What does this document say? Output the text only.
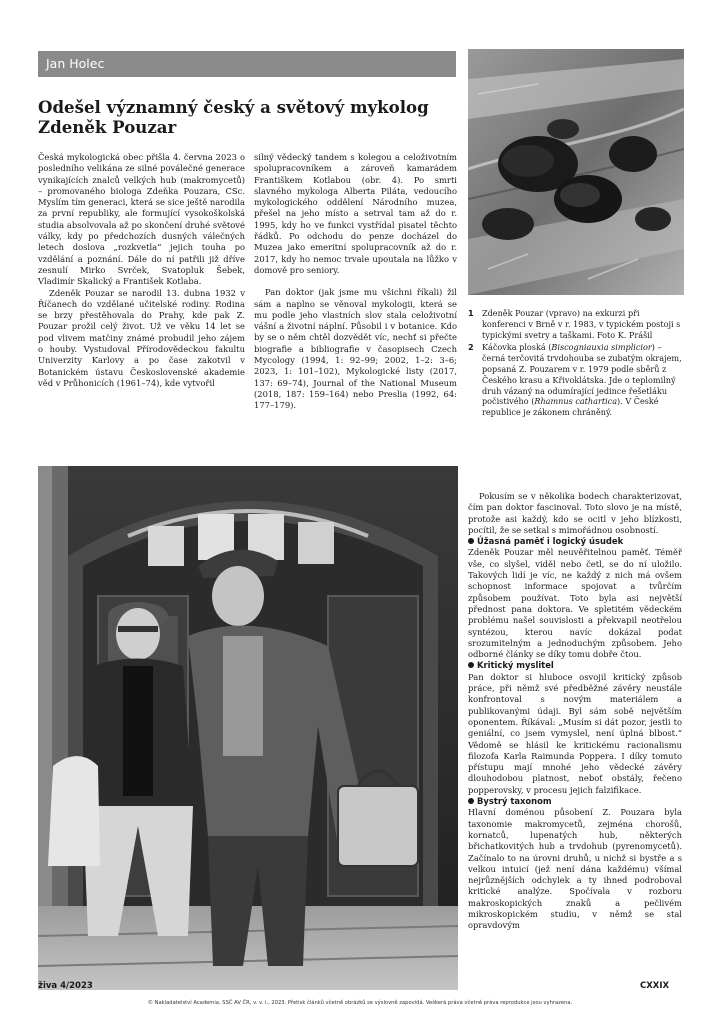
Jan Holec
Odešel významný český a světový mykolog
Zdeněk Pouzar

Česká mykologická obec přišla 4. června 2023 o posledního velikána ze silné poválečné generace vynikajících znalců velkých hub (makromycetů) – promovaného biologa Zdeňka Pouzara, CSc. Myslím tím generaci, která se sice ještě narodila za první republiky, ale formující vysokoškolská studia absolvovala až po skončení druhé světové války, kdy po předchozích dusných válečných letech doslova „rozkvetla“ jejich touha po vzdělání a poznání. Dále do ní patřili již dříve zesnulí Mirko Svrček, Svatopluk Šebek, Vladimír Skalický a František Kotlaba.

Zdeněk Pouzar se narodil 13. dubna 1932 v Říčanech do vzdělané učitelské rodiny. Rodina se brzy přestěhovala do Prahy, kde pak Z. Pouzar prožil celý život. Už ve věku 14 let se pod vlivem matčiny známé probudil jeho zájem o houby. Vystudoval Přírodovědeckou fakultu Univerzity Karlovy a po čase zakotvil v Botanickém ústavu Československé akademie věd v Průhonicích (1961–74), kde vytvořil

silný vědecký tandem s kolegou a celoživotním spolupracovníkem a zároveň kamarádem Františkem Kotlabou (obr. 4). Po smrti slavného mykologa Alberta Piláta, vedoucího mykologického oddělení Národního muzea, přešel na jeho místo a setrval tam až do r. 1995, kdy ho ve funkci vystřídal pisatel těchto řádků. Po odchodu do penze docházel do Muzea jako emeritní spolupracovník až do r. 2017, kdy ho nemoc trvale upoutala na lůžko v domově pro seniory.

Pan doktor (jak jsme mu všichni říkali) žil sám a naplno se věnoval mykologii, která se mu podle jeho vlastních slov stala celoživotní vášní a životní náplní. Působil i v botanice. Kdo by se o něm chtěl dozvědět víc, nechť si přečte biografie a bibliografie v časopisech Czech Mycology (1994, 1: 92–99; 2002, 1–2: 3–6; 2023, 1: 101–102), Mykologické listy (2017, 137: 69–74), Journal of the National Museum (2018, 187: 159–164) nebo Preslia (1992, 64: 177–179).

1	Zdeněk Pouzar (vpravo) na exkurzi při konferenci v Brně v r. 1983, v typickém postoji s typickými svetry a taškami. Foto K. Prášil
2	Káčovka ploská (Biscogniauxia simplicior) – černá terčovitá trvdohouba se zubatým okrajem, popsaná Z. Pouzarem v r. 1979 podle sběrů z Českého krasu a Křivoklátska. Jde o teplomilný druh vázaný na odumírající jedince řešetláku počistivého (Rhamnus cathartica). V České republice je zákonem chráněný.

Pokusím se v několika bodech charakterizovat, čím pan doktor fascinoval. Toto slovo je na místě, protože asi každý, kdo se ocitl v jeho blízkosti, pocítil, že se setkal s mimořádnou osobností.

Úžasná paměť i logický úsudek

Zdeněk Pouzar měl neuvěřitelnou paměť. Téměř vše, co slyšel, viděl nebo četl, se do ní uložilo. Takových lidí je víc, ne každý z nich má ovšem schopnost informace spojovat a tvůrčím způsobem používat. Toto byla asi největší přednost pana doktora. Ve spletitém vědeckém problému našel souvislosti a překvapil neotřelou syntézou, kterou navíc dokázal podat srozumitelným a jednoduchým způsobem. Jeho odborné články se díky tomu dobře čtou.

Kritický myslitel

Pan doktor si hluboce osvojil kritický způsob práce, při němž své předběžné závěry neustále konfrontoval s novým materiálem a publikovanými údaji. Byl sám sobě největším oponentem. Říkával: „Musím si dát pozor, jestli to geniální, co jsem vymyslel, není úplná blbost.“ Vědomě se hlásil ke kritickému racionalismu filozofa Karla Raimunda Poppera. I díky tomuto přístupu mají mnohé jeho vědecké závěry dlouhodobou platnost, neboť obstály, řečeno popperovsky, v procesu jejich falzifikace.

Bystrý taxonom

Hlavní doménou působení Z. Pouzara byla taxonomie makromycetů, zejména chorošů, kornatců, lupenatých hub, některých břichatkovitých hub a trvdohub (pyrenomycetů). Začínalo to na úrovni druhů, u nichž si bystře a s velkou intuicí (jež není dána každému) všímal nejrůznějších odchylek a ty ihned podroboval kritické analýze. Spočívala v rozboru makroskopických znaků a pečlivém mikroskopickém studiu, v němž se stal opravdovým

živa 4/2023	CXXIX
© Nakladatelství Academia, SSČ AV ČR, v. v. i., 2023. Přetisk článků včetně obrázků se výslovně zapovídá. Veškerá práva včetně práva reprodukce jsou vyhrazena.
